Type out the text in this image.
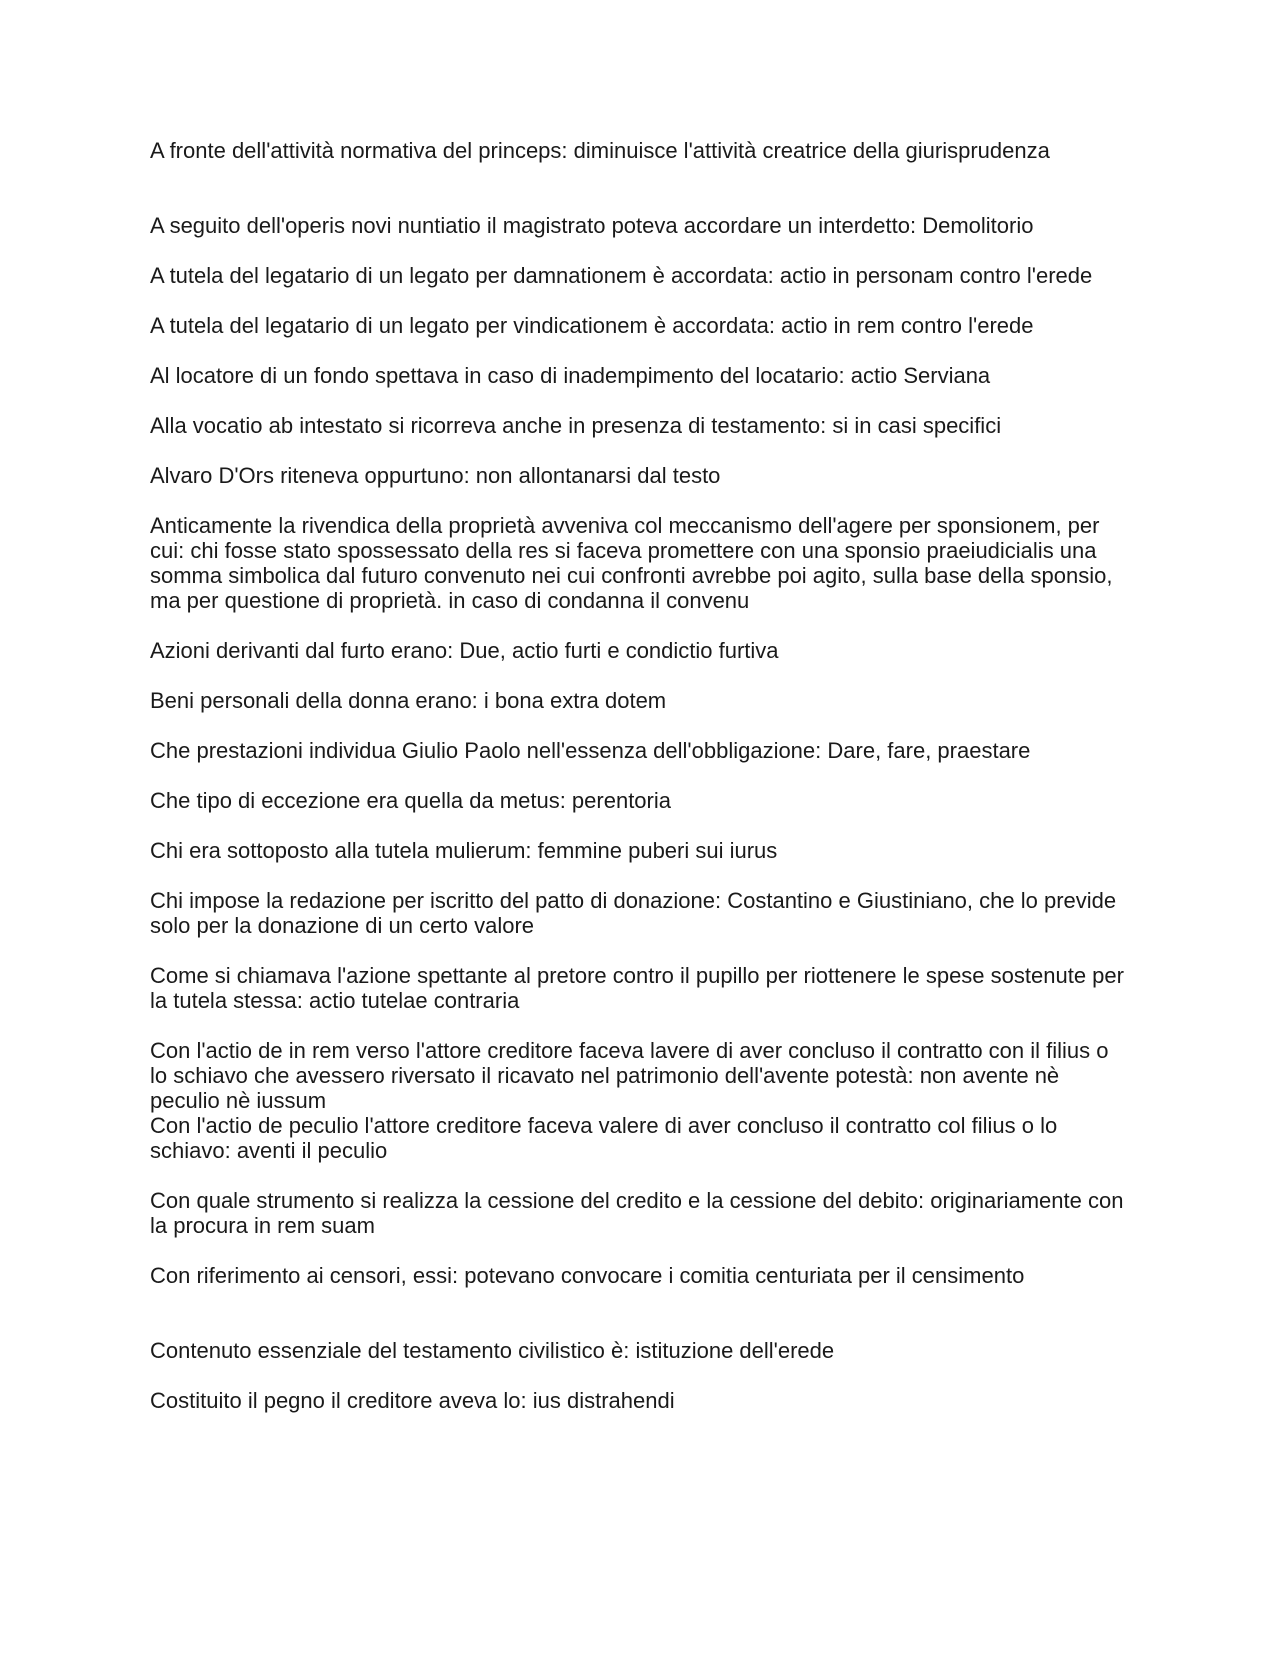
A fronte dell'attività normativa del princeps: diminuisce l'attività creatrice della giurisprudenza

A seguito dell'operis novi nuntiatio il magistrato poteva accordare un interdetto: Demolitorio

A tutela del legatario di un legato per damnationem è accordata: actio in personam contro l'erede

A tutela del legatario di un legato per vindicationem è accordata: actio in rem contro l'erede

Al locatore di un fondo spettava in caso di inadempimento del locatario: actio Serviana

Alla vocatio ab intestato si ricorreva anche in presenza di testamento: si in casi specifici

Alvaro D'Ors riteneva oppurtuno: non allontanarsi dal testo

Anticamente la rivendica della proprietà avveniva col meccanismo dell'agere per sponsionem, per cui: chi fosse stato spossessato della res si faceva promettere con una sponsio praeiudicialis una somma simbolica dal futuro convenuto nei cui confronti avrebbe poi agito, sulla base della sponsio, ma per questione di proprietà. in caso di condanna il convenu

Azioni derivanti dal furto erano: Due, actio furti e condictio furtiva

Beni personali della donna erano: i bona extra dotem

Che prestazioni individua Giulio Paolo nell'essenza dell'obbligazione: Dare, fare, praestare

Che tipo di eccezione era quella da metus: perentoria

Chi era sottoposto alla tutela mulierum: femmine puberi sui iurus

Chi impose la redazione per iscritto del patto di donazione: Costantino e Giustiniano, che lo previde solo per la donazione di un certo valore

Come si chiamava l'azione spettante al pretore contro il pupillo per riottenere le spese sostenute per la tutela stessa: actio tutelae contraria

Con l'actio de in rem verso l'attore creditore faceva lavere di aver concluso il contratto con il filius o lo schiavo che avessero riversato il ricavato nel patrimonio dell'avente potestà: non avente nè peculio nè iussum

Con l'actio de peculio l'attore creditore faceva valere di aver concluso il contratto col filius o lo schiavo: aventi il peculio

Con quale strumento si realizza la cessione del credito e la cessione del debito: originariamente con la procura in rem suam

Con riferimento ai censori, essi: potevano convocare i comitia centuriata per il censimento

Contenuto essenziale del testamento civilistico è: istituzione dell'erede

Costituito il pegno il creditore aveva lo: ius distrahendi
